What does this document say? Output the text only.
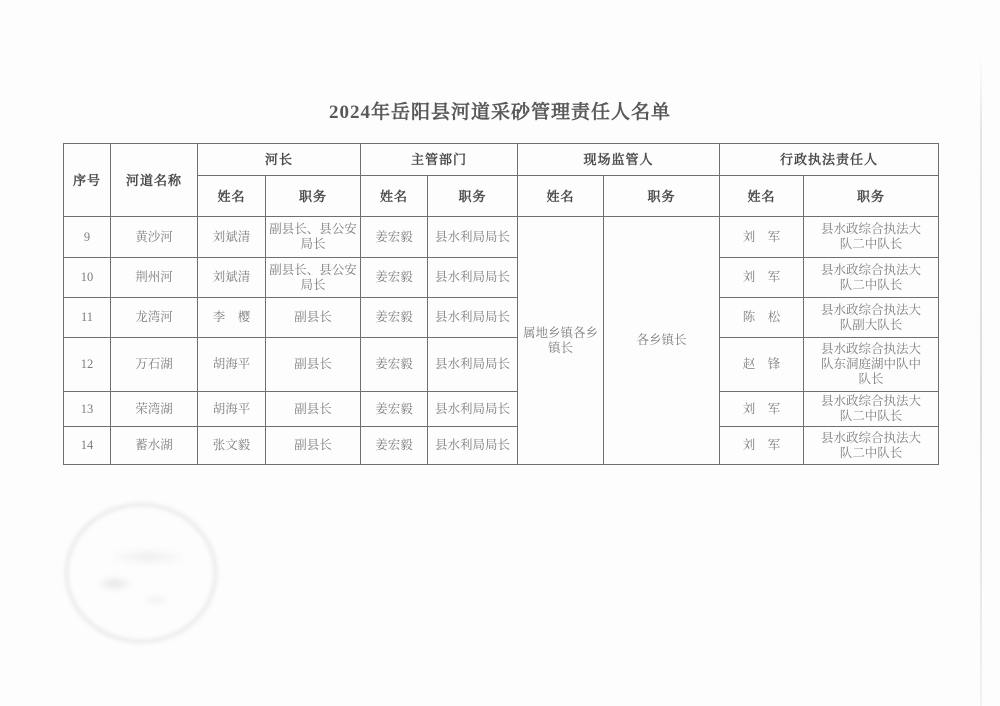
2024年岳阳县河道采砂管理责任人名单
序号	河道名称	河长		主管部门		现场监管人		行政执法责任人	
		姓名	职务	姓名	职务	姓名	职务	姓名	职务
9	黄沙河	刘斌清	副县长、县公安局长	姜宏毅	县水利局局长	属地乡镇各乡镇长	各乡镇长	刘　军	县水政综合执法大队二中队长
10	荆州河	刘斌清	副县长、县公安局长	姜宏毅	县水利局局长			刘　军	县水政综合执法大队二中队长
11	龙湾河	李　樱	副县长	姜宏毅	县水利局局长			陈　松	县水政综合执法大队副大队长
12	万石湖	胡海平	副县长	姜宏毅	县水利局局长			赵　锋	县水政综合执法大队东洞庭湖中队中队长
13	荣湾湖	胡海平	副县长	姜宏毅	县水利局局长			刘　军	县水政综合执法大队二中队长
14	蓄水湖	张文毅	副县长	姜宏毅	县水利局局长			刘　军	县水政综合执法大队二中队长
